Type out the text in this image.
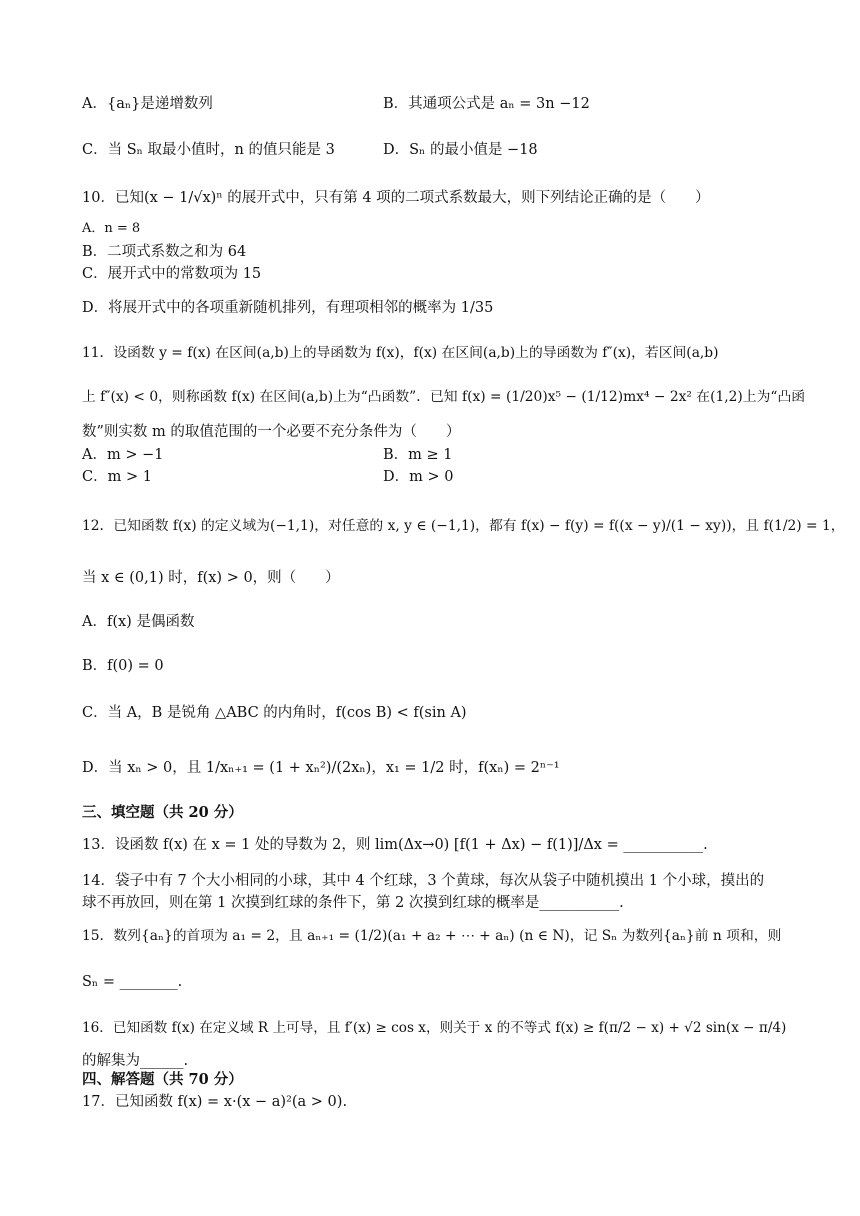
A．{aₙ}是递增数列	B．其通项公式是 aₙ = 3n −12
C．当 Sₙ 取最小值时，n 的值只能是 3	D．Sₙ 的最小值是 −18
10．已知(x − 1/√x)ⁿ 的展开式中，只有第 4 项的二项式系数最大，则下列结论正确的是（　　）
A．n = 8
B．二项式系数之和为 64
C．展开式中的常数项为 15
D．将展开式中的各项重新随机排列，有理项相邻的概率为 1/35
11．设函数 y = f(x) 在区间(a,b)上的导函数为 f(x)，f(x) 在区间(a,b)上的导函数为 f″(x)，若区间(a,b)
上 f″(x) < 0，则称函数 f(x) 在区间(a,b)上为“凸函数”．已知 f(x) = (1/20)x⁵ − (1/12)mx⁴ − 2x² 在(1,2)上为“凸函
数”则实数 m 的取值范围的一个必要不充分条件为（　　）
A．m > −1	B．m ≥ 1
C．m > 1	D．m > 0
12．已知函数 f(x) 的定义域为(−1,1)，对任意的 x, y ∈ (−1,1)，都有 f(x) − f(y) = f((x − y)/(1 − xy))，且 f(1/2) = 1，
当 x ∈ (0,1) 时，f(x) > 0，则（　　）
A．f(x) 是偶函数
B．f(0) = 0
C．当 A，B 是锐角 △ABC 的内角时，f(cos B) < f(sin A)
D．当 xₙ > 0，且 1/xₙ₊₁ = (1 + xₙ²)/(2xₙ)，x₁ = 1/2 时，f(xₙ) = 2ⁿ⁻¹
三、填空题（共 20 分）
13．设函数 f(x) 在 x = 1 处的导数为 2，则 lim(Δx→0) [f(1 + Δx) − f(1)]/Δx = ___________.
14．袋子中有 7 个大小相同的小球，其中 4 个红球，3 个黄球，每次从袋子中随机摸出 1 个小球，摸出的
球不再放回，则在第 1 次摸到红球的条件下，第 2 次摸到红球的概率是___________.
15．数列{aₙ}的首项为 a₁ = 2，且 aₙ₊₁ = (1/2)(a₁ + a₂ + ⋯ + aₙ) (n ∈ N)，记 Sₙ 为数列{aₙ}前 n 项和，则
Sₙ = ________.
16．已知函数 f(x) 在定义域 R 上可导，且 f′(x) ≥ cos x，则关于 x 的不等式 f(x) ≥ f(π/2 − x) + √2 sin(x − π/4)
的解集为______.
四、解答题（共 70 分）
17．已知函数 f(x) = x·(x − a)²(a > 0).
